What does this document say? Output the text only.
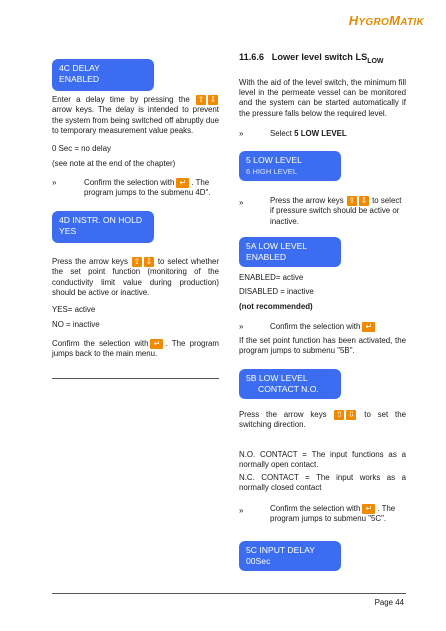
HYGROMATIK
4C DELAY
ENABLED
Enter a delay time by pressing the ⇧ ⇩ arrow keys. The delay is intended to prevent the system from being switched off abruptly due to temporary measurement value peaks.
0 Sec = no delay
(see note at the end of the chapter)
»	Confirm the selection with ↵ . The program jumps to the submenu 4D".
4D INSTR. ON HOLD
YES
Press the arrow keys ⇧ ⇩ to select whether the set point function (monitoring of the conductivity limit value during production) should be active or inactive.
YES= active
NO = inactive
Confirm the selection with ↵ . The program jumps back to the main menu.
11.6.6 Lower level switch $LS_{LOW}$
With the aid of the level switch, the minimum fill level in the permeate vessel can be monitored and the system can be started automatically if the pressure falls below the required level.
»	Select 5 LOW LEVEL
5 LOW LEVEL
6 HIGH LEVEL
»	Press the arrow keys ⇧ ⇩ to select if pressure switch should be active or inactive.
5A LOW LEVEL
ENABLED
ENABLED= active
DISABLED = inactive
(not recommended)
»	Confirm the selection with ↵
If the set point function has been activated, the program jumps to submenu "5B".
5B LOW LEVEL
CONTACT N.O.
Press the arrow keys ⇧ ⇩ to set the switching direction.
N.O. CONTACT = The input functions as a normally open contact.
N.C. CONTACT = The input works as a normally closed contact
»	Confirm the selection with ↵ . The program jumps to submenu "5C".
5C INPUT DELAY
00Sec
Page 44
